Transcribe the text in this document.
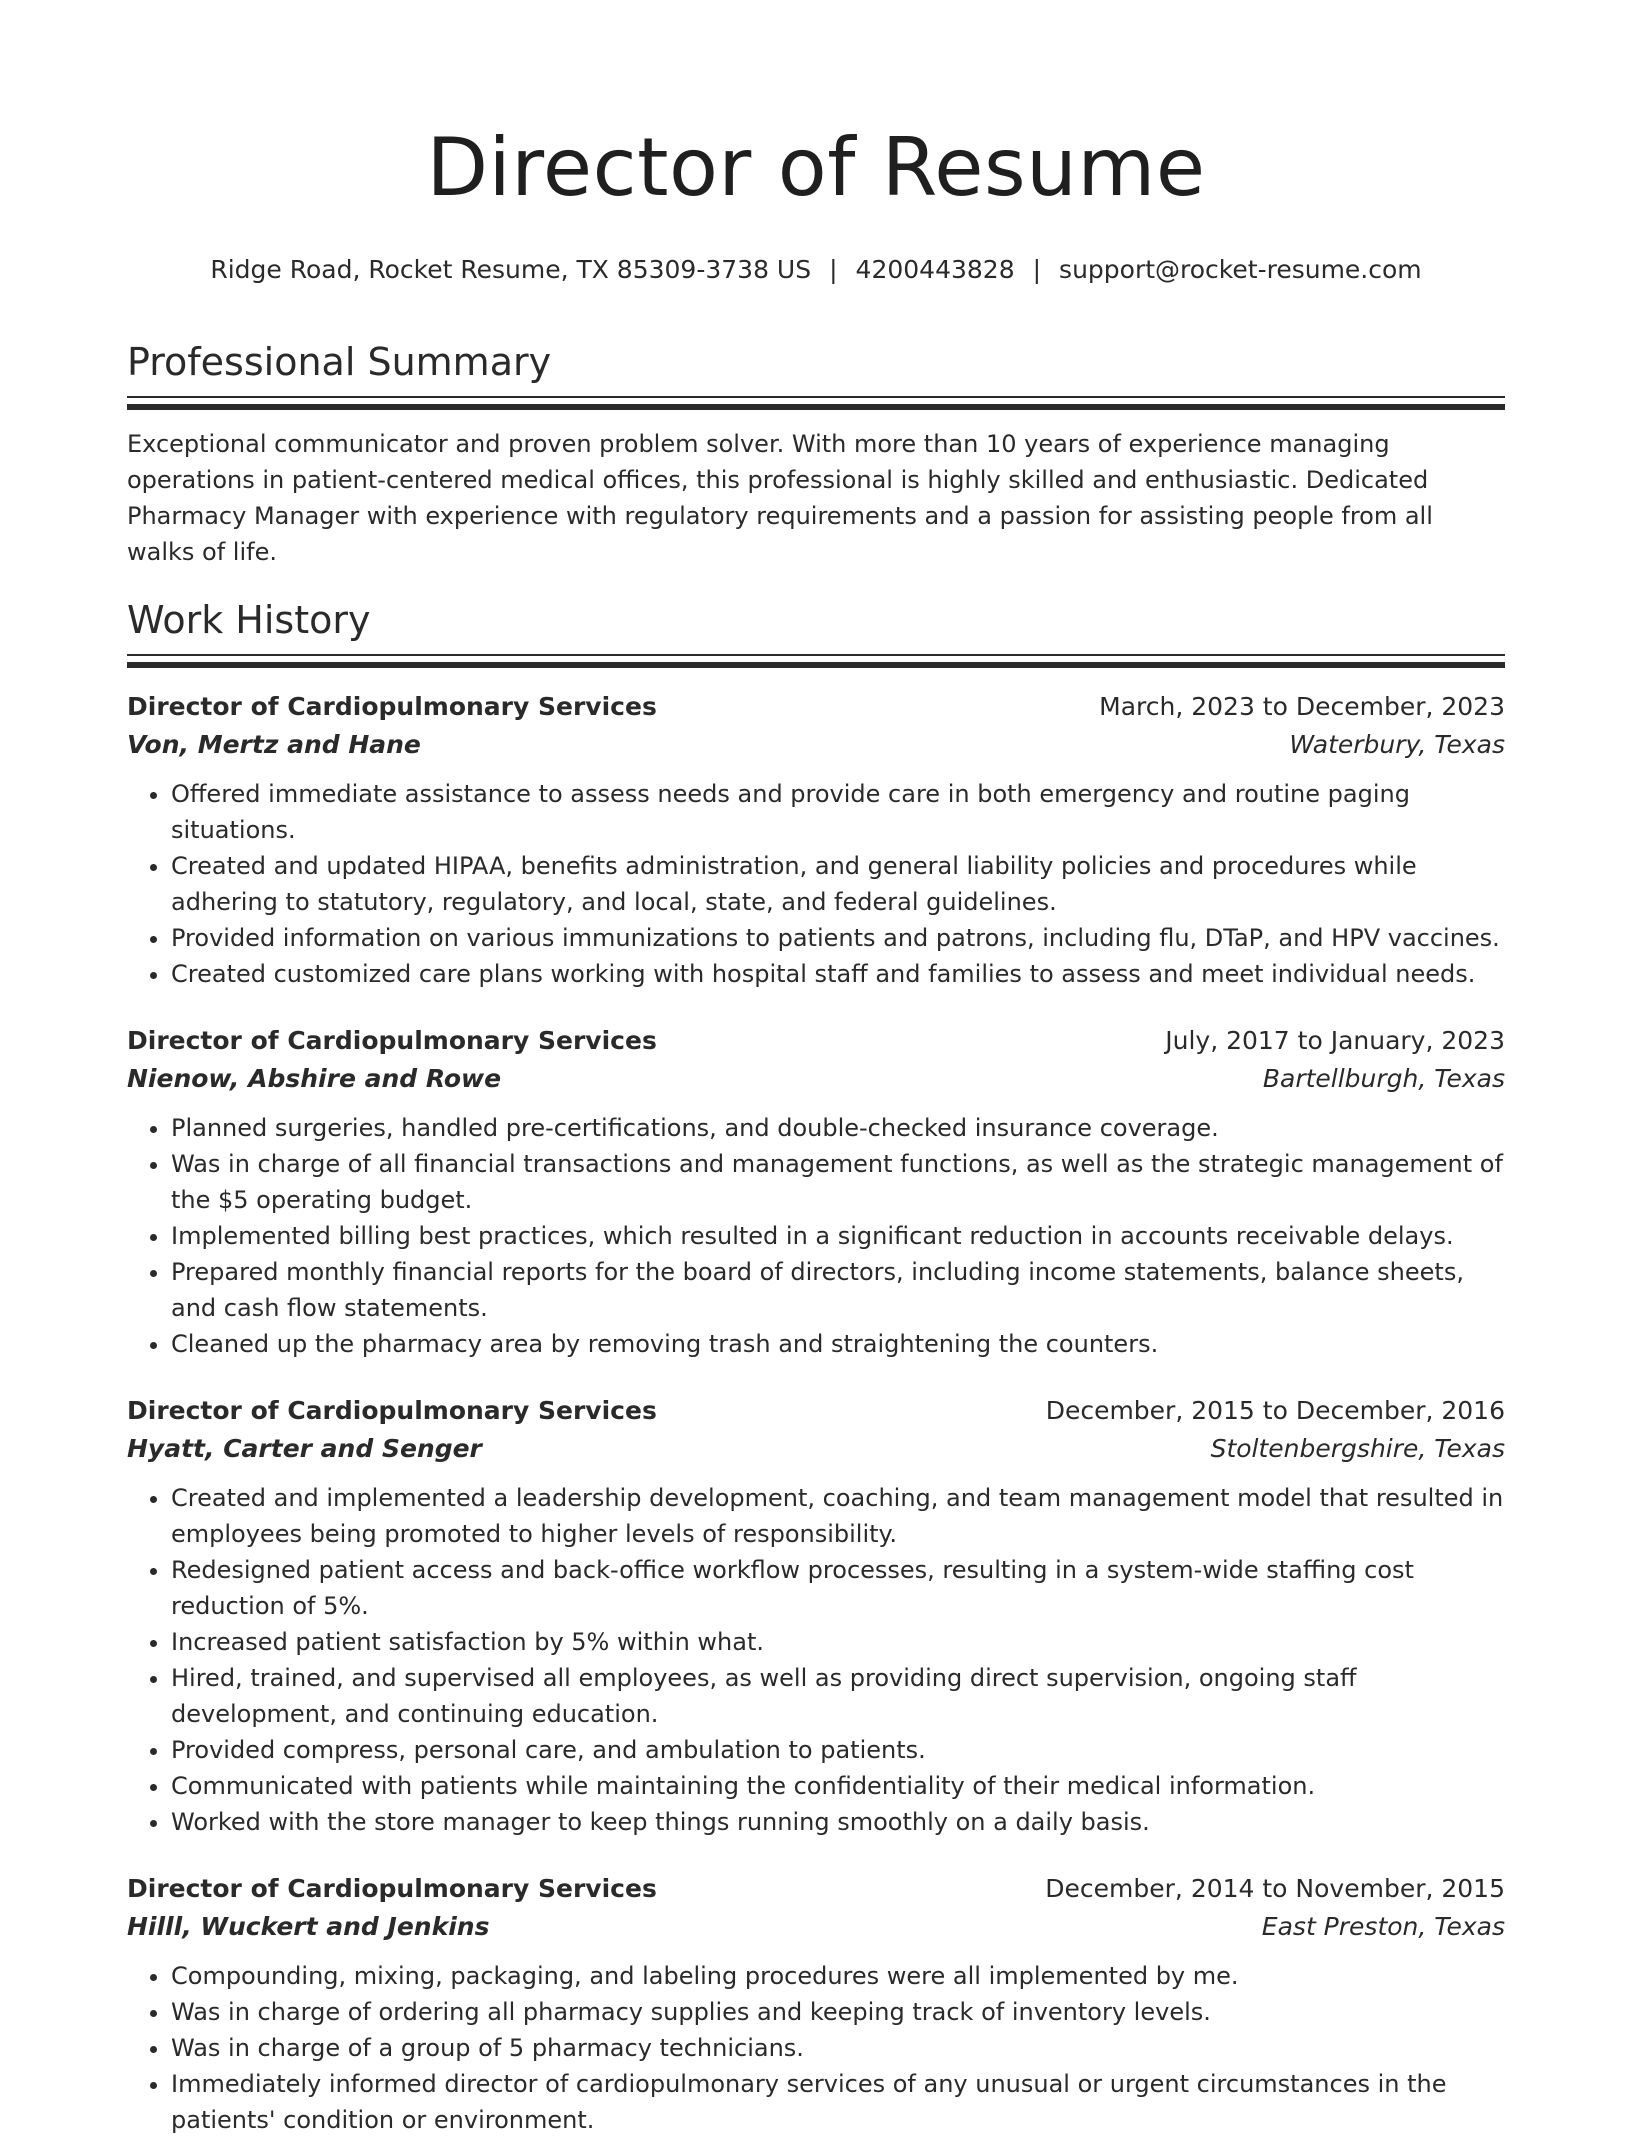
Director of Resume
Ridge Road, Rocket Resume, TX 85309-3738 US | 4200443828 | support@rocket-resume.com
Professional Summary

Exceptional communicator and proven problem solver. With more than 10 years of experience managing operations in patient-centered medical offices, this professional is highly skilled and enthusiastic. Dedicated Pharmacy Manager with experience with regulatory requirements and a passion for assisting people from all walks of life.

Work History
Director of Cardiopulmonary Services	March, 2023 to December, 2023
Von, Mertz and Hane	Waterbury, Texas
• Offered immediate assistance to assess needs and provide care in both emergency and routine paging situations.
• Created and updated HIPAA, benefits administration, and general liability policies and procedures while adhering to statutory, regulatory, and local, state, and federal guidelines.
• Provided information on various immunizations to patients and patrons, including flu, DTaP, and HPV vaccines.
• Created customized care plans working with hospital staff and families to assess and meet individual needs.
Director of Cardiopulmonary Services	July, 2017 to January, 2023
Nienow, Abshire and Rowe	Bartellburgh, Texas
• Planned surgeries, handled pre-certifications, and double-checked insurance coverage.
• Was in charge of all financial transactions and management functions, as well as the strategic management of the $5 operating budget.
• Implemented billing best practices, which resulted in a significant reduction in accounts receivable delays.
• Prepared monthly financial reports for the board of directors, including income statements, balance sheets, and cash flow statements.
• Cleaned up the pharmacy area by removing trash and straightening the counters.
Director of Cardiopulmonary Services	December, 2015 to December, 2016
Hyatt, Carter and Senger	Stoltenbergshire, Texas
• Created and implemented a leadership development, coaching, and team management model that resulted in employees being promoted to higher levels of responsibility.
• Redesigned patient access and back-office workflow processes, resulting in a system-wide staffing cost reduction of 5%.
• Increased patient satisfaction by 5% within what.
• Hired, trained, and supervised all employees, as well as providing direct supervision, ongoing staff development, and continuing education.
• Provided compress, personal care, and ambulation to patients.
• Communicated with patients while maintaining the confidentiality of their medical information.
• Worked with the store manager to keep things running smoothly on a daily basis.
Director of Cardiopulmonary Services	December, 2014 to November, 2015
Hilll, Wuckert and Jenkins	East Preston, Texas
• Compounding, mixing, packaging, and labeling procedures were all implemented by me.
• Was in charge of ordering all pharmacy supplies and keeping track of inventory levels.
• Was in charge of a group of 5 pharmacy technicians.
• Immediately informed director of cardiopulmonary services of any unusual or urgent circumstances in the patients' condition or environment.
